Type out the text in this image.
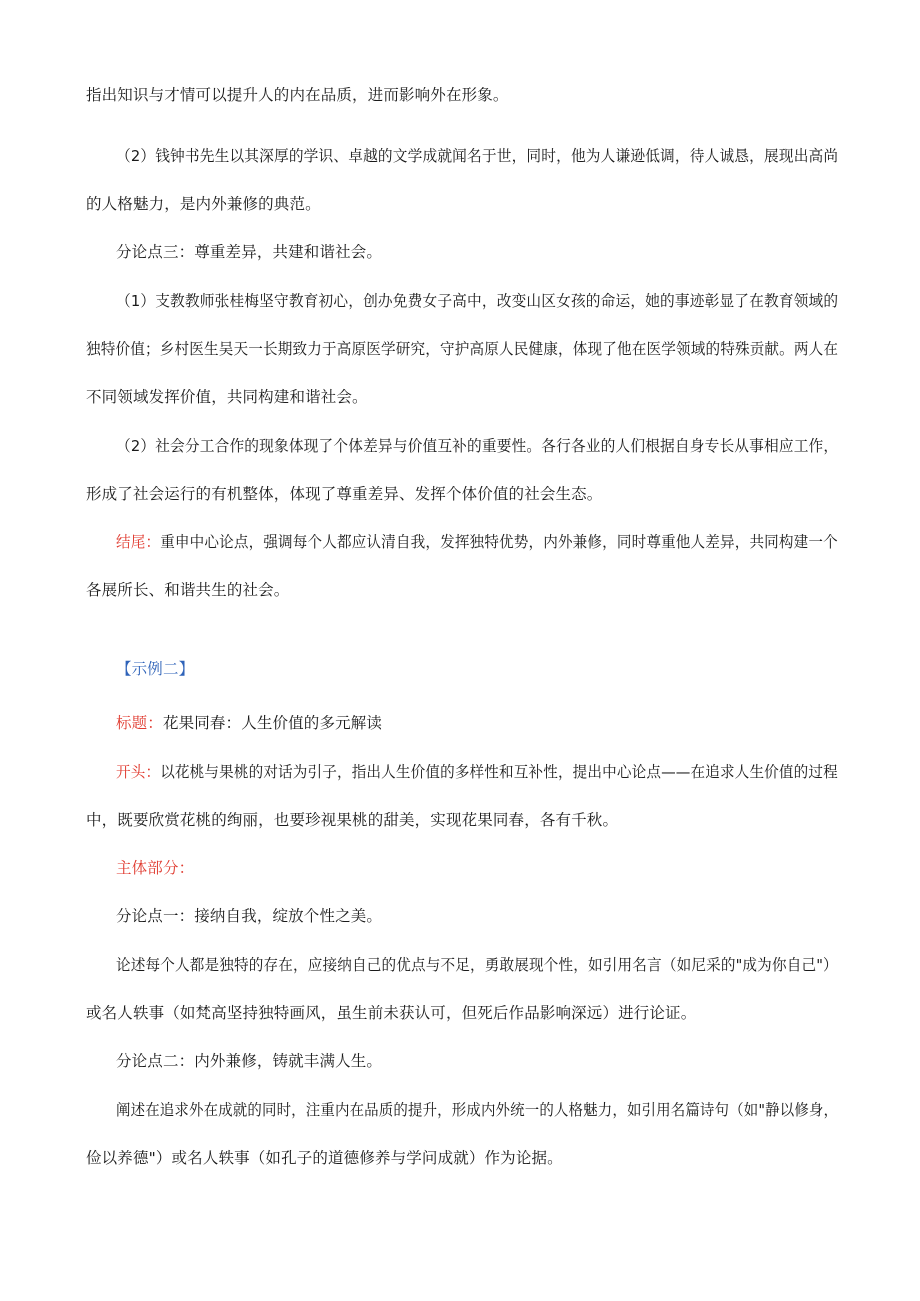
指出知识与才情可以提升人的内在品质，进而影响外在形象。
（2）钱钟书先生以其深厚的学识、卓越的文学成就闻名于世，同时，他为人谦逊低调，待人诚恳，展现出高尚
的人格魅力，是内外兼修的典范。
分论点三：尊重差异，共建和谐社会。
（1）支教教师张桂梅坚守教育初心，创办免费女子高中，改变山区女孩的命运，她的事迹彰显了在教育领域的
独特价值；乡村医生吴天一长期致力于高原医学研究，守护高原人民健康，体现了他在医学领域的特殊贡献。两人在
不同领域发挥价值，共同构建和谐社会。
（2）社会分工合作的现象体现了个体差异与价值互补的重要性。各行各业的人们根据自身专长从事相应工作，
形成了社会运行的有机整体，体现了尊重差异、发挥个体价值的社会生态。
结尾：重申中心论点，强调每个人都应认清自我，发挥独特优势，内外兼修，同时尊重他人差异，共同构建一个
各展所长、和谐共生的社会。
【示例二】
标题：花果同春：人生价值的多元解读
开头：以花桃与果桃的对话为引子，指出人生价值的多样性和互补性，提出中心论点——在追求人生价值的过程
中，既要欣赏花桃的绚丽，也要珍视果桃的甜美，实现花果同春，各有千秋。
主体部分：
分论点一：接纳自我，绽放个性之美。
论述每个人都是独特的存在，应接纳自己的优点与不足，勇敢展现个性，如引用名言（如尼采的"成为你自己"）
或名人轶事（如梵高坚持独特画风，虽生前未获认可，但死后作品影响深远）进行论证。
分论点二：内外兼修，铸就丰满人生。
阐述在追求外在成就的同时，注重内在品质的提升，形成内外统一的人格魅力，如引用名篇诗句（如"静以修身，
俭以养德"）或名人轶事（如孔子的道德修养与学问成就）作为论据。
